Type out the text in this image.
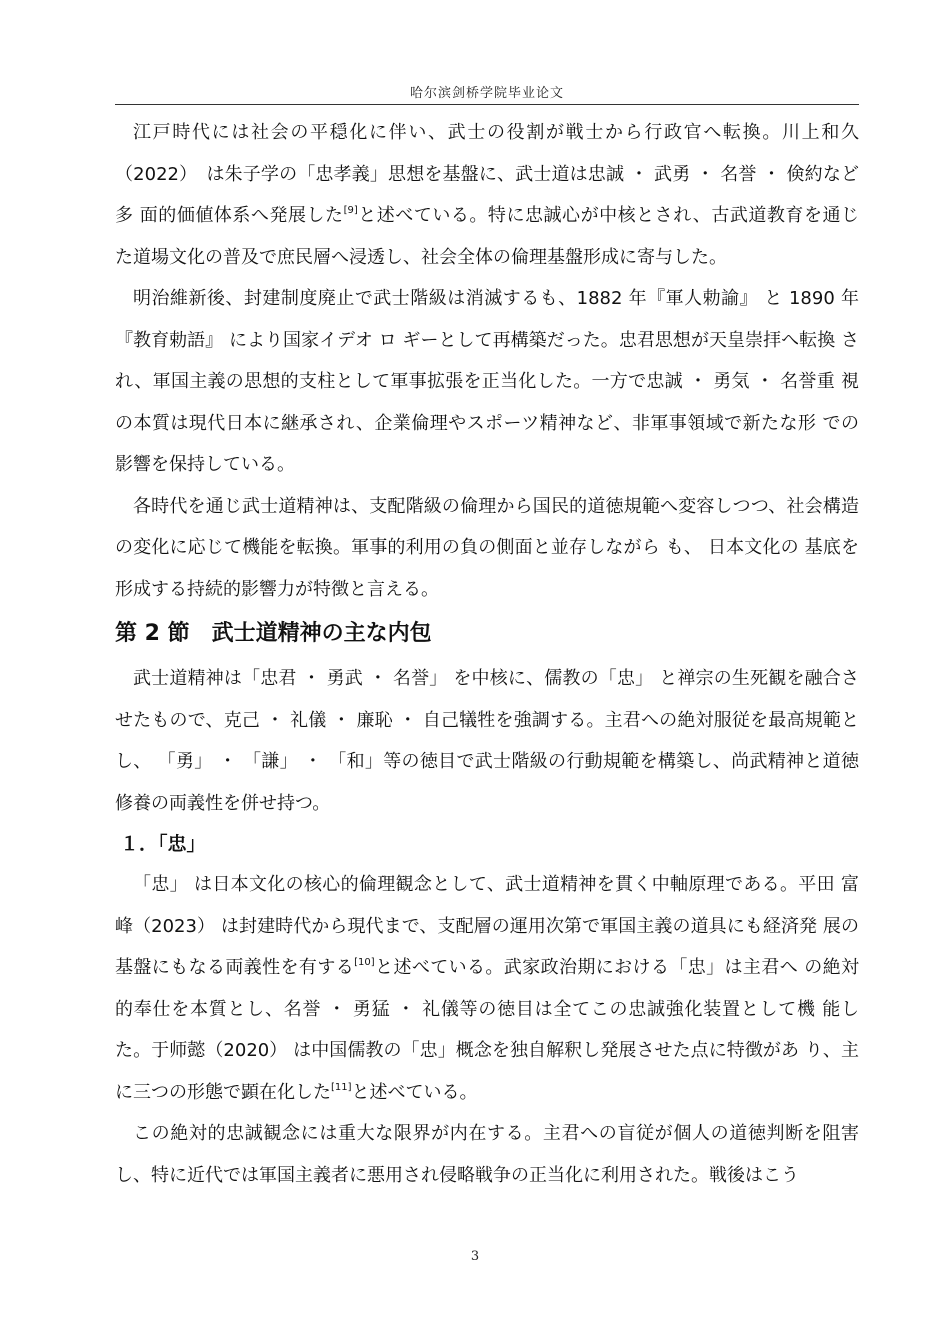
哈尔滨剑桥学院毕业论文

江戸時代には社会の平穏化に伴い、武士の役割が戦士から行政官へ転換。川上和久（2022）　は朱子学の「忠孝義」思想を基盤に、武士道は忠誠 ・ 武勇 ・ 名誉 ・ 倹約など多 面的価値体系へ発展した[9]と述べている。特に忠誠心が中核とされ、古武道教育を通じ た道場文化の普及で庶民層へ浸透し、社会全体の倫理基盤形成に寄与した。

明治維新後、封建制度廃止で武士階級は消滅するも、1882 年『軍人勅諭』 と 1890 年 『教育勅語』 により国家イデオ ロ ギーとして再構築だった。忠君思想が天皇崇拝へ転換 され、軍国主義の思想的支柱として軍事拡張を正当化した。一方で忠誠 ・ 勇気 ・ 名誉重 視の本質は現代日本に継承され、企業倫理やスポーツ精神など、非軍事領域で新たな形 での影響を保持している。

各時代を通じ武士道精神は、支配階級の倫理から国民的道徳規範へ変容しつつ、社会構造の変化に応じて機能を転換。軍事的利用の負の側面と並存しながら も、 日本文化の 基底を形成する持続的影響力が特徴と言える。

第 2 節　武士道精神の主な内包

武士道精神は「忠君 ・ 勇武 ・ 名誉」 を中核に、儒教の「忠」 と禅宗の生死観を融合さ せたもので、克己 ・ 礼儀 ・ 廉恥 ・ 自己犠牲を強調する。主君への絶対服従を最高規範と し、 「勇」 ・ 「謙」 ・ 「和」等の徳目で武士階級の行動規範を構築し、尚武精神と道徳 修養の両義性を併せ持つ。

１．「忠」

「忠」 は日本文化の核心的倫理観念として、武士道精神を貫く中軸原理である。平田 富峰（2023） は封建時代から現代まで、支配層の運用次第で軍国主義の道具にも経済発 展の基盤にもなる両義性を有する[10]と述べている。武家政治期における「忠」は主君へ の絶対的奉仕を本質とし、名誉 ・ 勇猛 ・ 礼儀等の徳目は全てこの忠誠強化装置として機 能した。于师懿（2020） は中国儒教の「忠」概念を独自解釈し発展させた点に特徴があ り、主に三つの形態で顕在化した[11]と述べている。

この絶対的忠誠観念には重大な限界が内在する。主君への盲従が個人の道徳判断を阻害し、特に近代では軍国主義者に悪用され侵略戦争の正当化に利用された。戦後はこう

3
